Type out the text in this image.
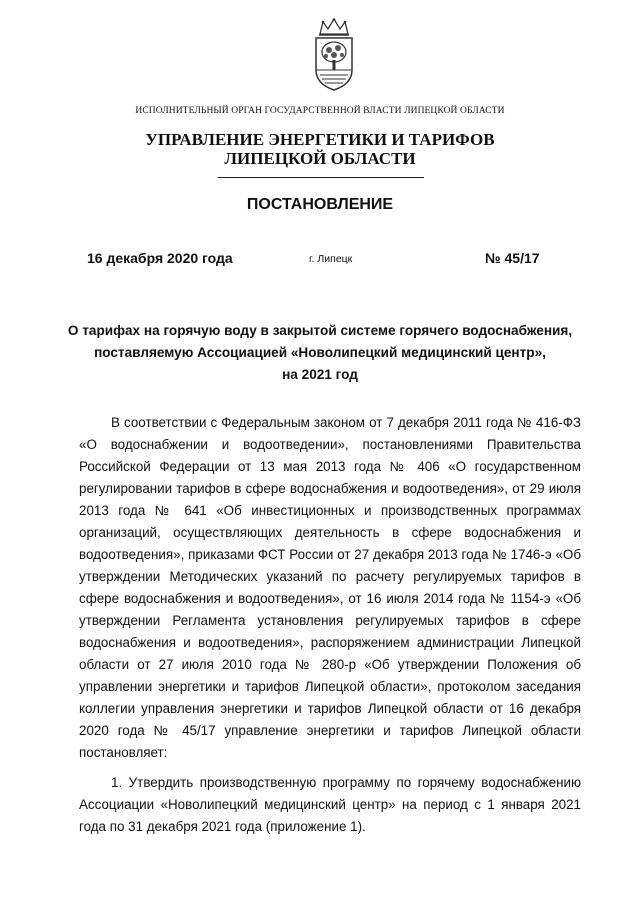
ИСПОЛНИТЕЛЬНЫЙ ОРГАН ГОСУДАРСТВЕННОЙ ВЛАСТИ ЛИПЕЦКОЙ ОБЛАСТИ
УПРАВЛЕНИЕ ЭНЕРГЕТИКИ И ТАРИФОВ
ЛИПЕЦКОЙ ОБЛАСТИ
ПОСТАНОВЛЕНИЕ
16 декабря 2020 года	г. Липецк	№ 45/17
О тарифах на горячую воду в закрытой системе горячего водоснабжения,
поставляемую Ассоциацией «Новолипецкий медицинский центр»,
на 2021 год

В соответствии с Федеральным законом от 7 декабря 2011 года № 416-ФЗ «О водоснабжении и водоотведении», постановлениями Правительства Российской Федерации от 13 мая 2013 года № 406 «О государственном регулировании тарифов в сфере водоснабжения и водоотведения», от 29 июля 2013 года № 641 «Об инвестиционных и производственных программах организаций, осуществляющих деятельность в сфере водоснабжения и водоотведения», приказами ФСТ России от 27 декабря 2013 года № 1746-э «Об утверждении Методических указаний по расчету регулируемых тарифов в сфере водоснабжения и водоотведения», от 16 июля 2014 года № 1154-э «Об утверждении Регламента установления регулируемых тарифов в сфере водоснабжения и водоотведения», распоряжением администрации Липецкой области от 27 июля 2010 года № 280-р «Об утверждении Положения об управлении энергетики и тарифов Липецкой области», протоколом заседания коллегии управления энергетики и тарифов Липецкой области от 16 декабря 2020 года № 45/17 управление энергетики и тарифов Липецкой области постановляет:

1. Утвердить производственную программу по горячему водоснабжению Ассоциации «Новолипецкий медицинский центр» на период с 1 января 2021 года по 31 декабря 2021 года (приложение 1).
